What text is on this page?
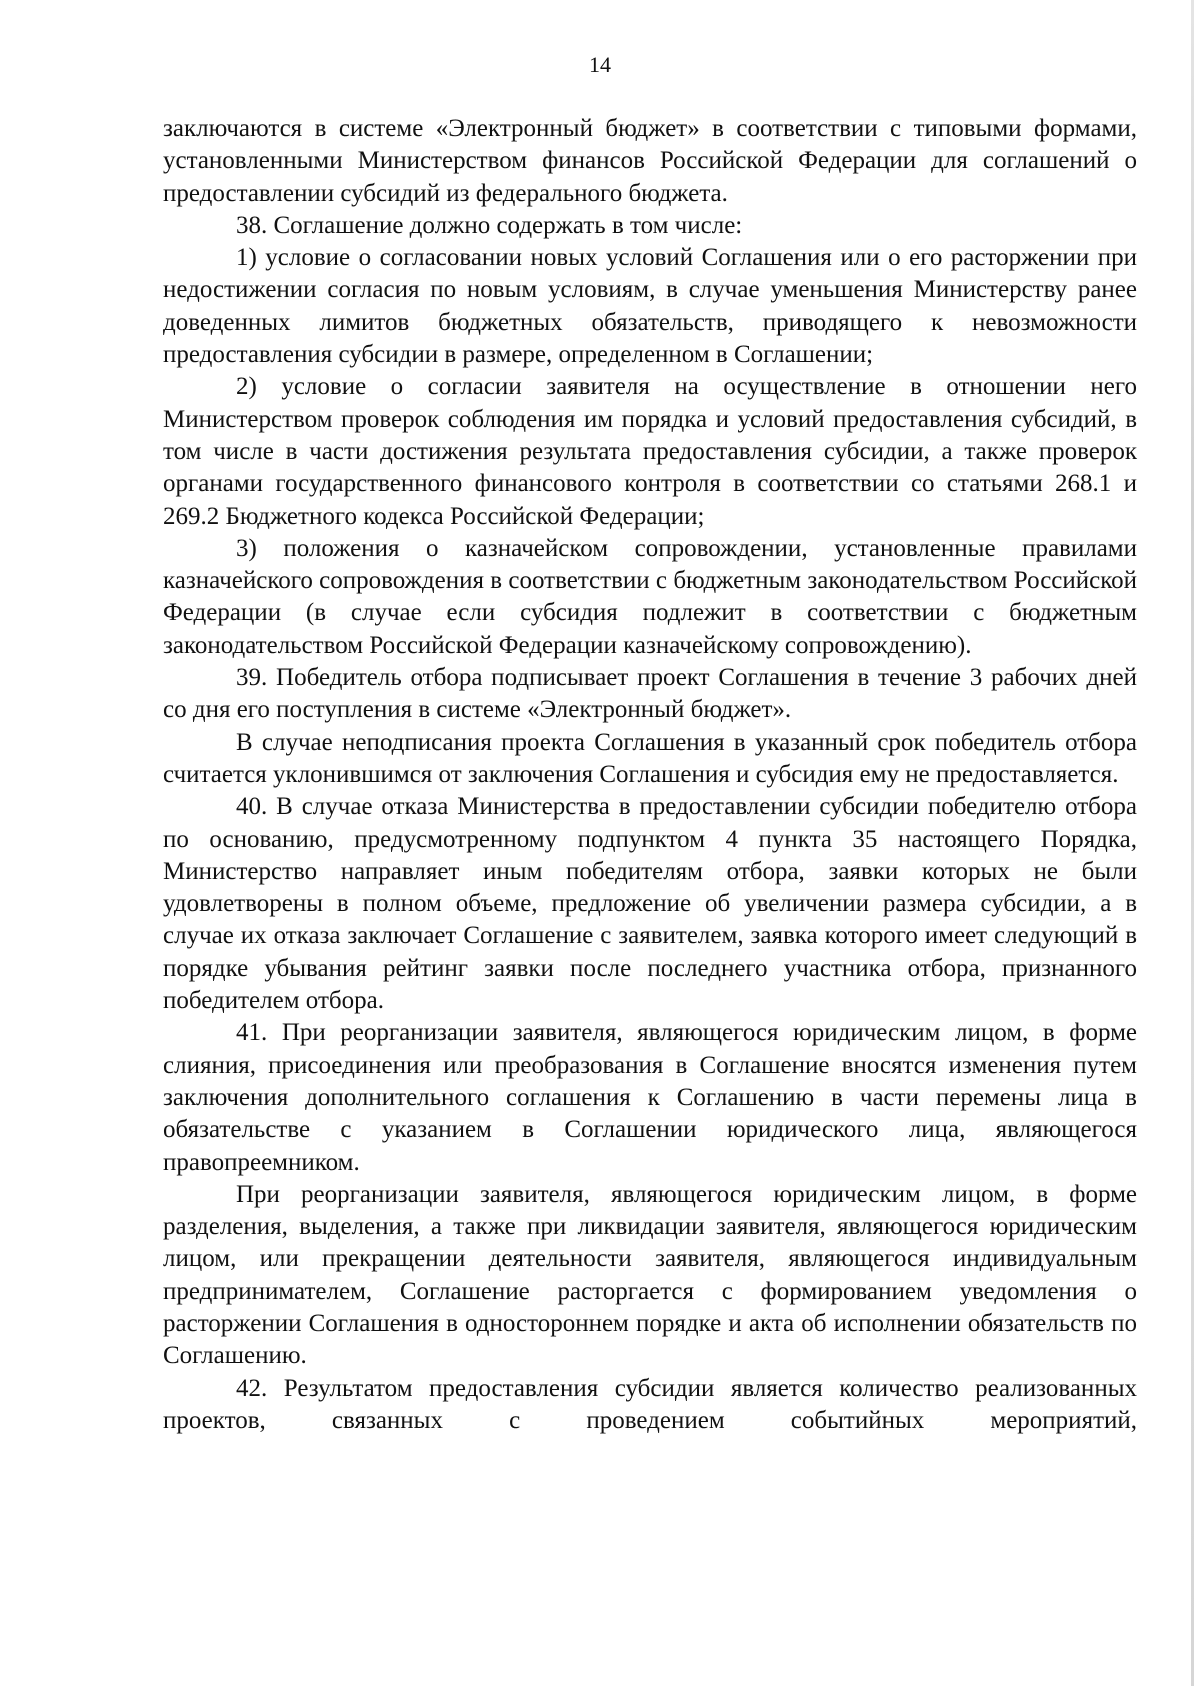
14

заключаются в системе «Электронный бюджет» в соответствии с типовыми формами, установленными Министерством финансов Российской Федерации для соглашений о предоставлении субсидий из федерального бюджета.

38. Соглашение должно содержать в том числе:

1) условие о согласовании новых условий Соглашения или о его расторжении при недостижении согласия по новым условиям, в случае уменьшения Министерству ранее доведенных лимитов бюджетных обязательств, приводящего к невозможности предоставления субсидии в размере, определенном в Соглашении;

2) условие о согласии заявителя на осуществление в отношении него Министерством проверок соблюдения им порядка и условий предоставления субсидий, в том числе в части достижения результата предоставления субсидии, а также проверок органами государственного финансового контроля в соответствии со статьями 268.1 и 269.2 Бюджетного кодекса Российской Федерации;

3) положения о казначейском сопровождении, установленные правилами казначейского сопровождения в соответствии с бюджетным законодательством Российской Федерации (в случае если субсидия подлежит в соответствии с бюджетным законодательством Российской Федерации казначейскому сопровождению).

39. Победитель отбора подписывает проект Соглашения в течение 3 рабочих дней со дня его поступления в системе «Электронный бюджет».

В случае неподписания проекта Соглашения в указанный срок победитель отбора считается уклонившимся от заключения Соглашения и субсидия ему не предоставляется.

40. В случае отказа Министерства в предоставлении субсидии победителю отбора по основанию, предусмотренному подпунктом 4 пункта 35 настоящего Порядка, Министерство направляет иным победителям отбора, заявки которых не были удовлетворены в полном объеме, предложение об увеличении размера субсидии, а в случае их отказа заключает Соглашение с заявителем, заявка которого имеет следующий в порядке убывания рейтинг заявки после последнего участника отбора, признанного победителем отбора.

41. При реорганизации заявителя, являющегося юридическим лицом, в форме слияния, присоединения или преобразования в Соглашение вносятся изменения путем заключения дополнительного соглашения к Соглашению в части перемены лица в обязательстве с указанием в Соглашении юридического лица, являющегося правопреемником.

При реорганизации заявителя, являющегося юридическим лицом, в форме разделения, выделения, а также при ликвидации заявителя, являющегося юридическим лицом, или прекращении деятельности заявителя, являющегося индивидуальным предпринимателем, Соглашение расторгается с формированием уведомления о расторжении Соглашения в одностороннем порядке и акта об исполнении обязательств по Соглашению.

42. Результатом предоставления субсидии является количество реализованных проектов, связанных с проведением событийных мероприятий,
